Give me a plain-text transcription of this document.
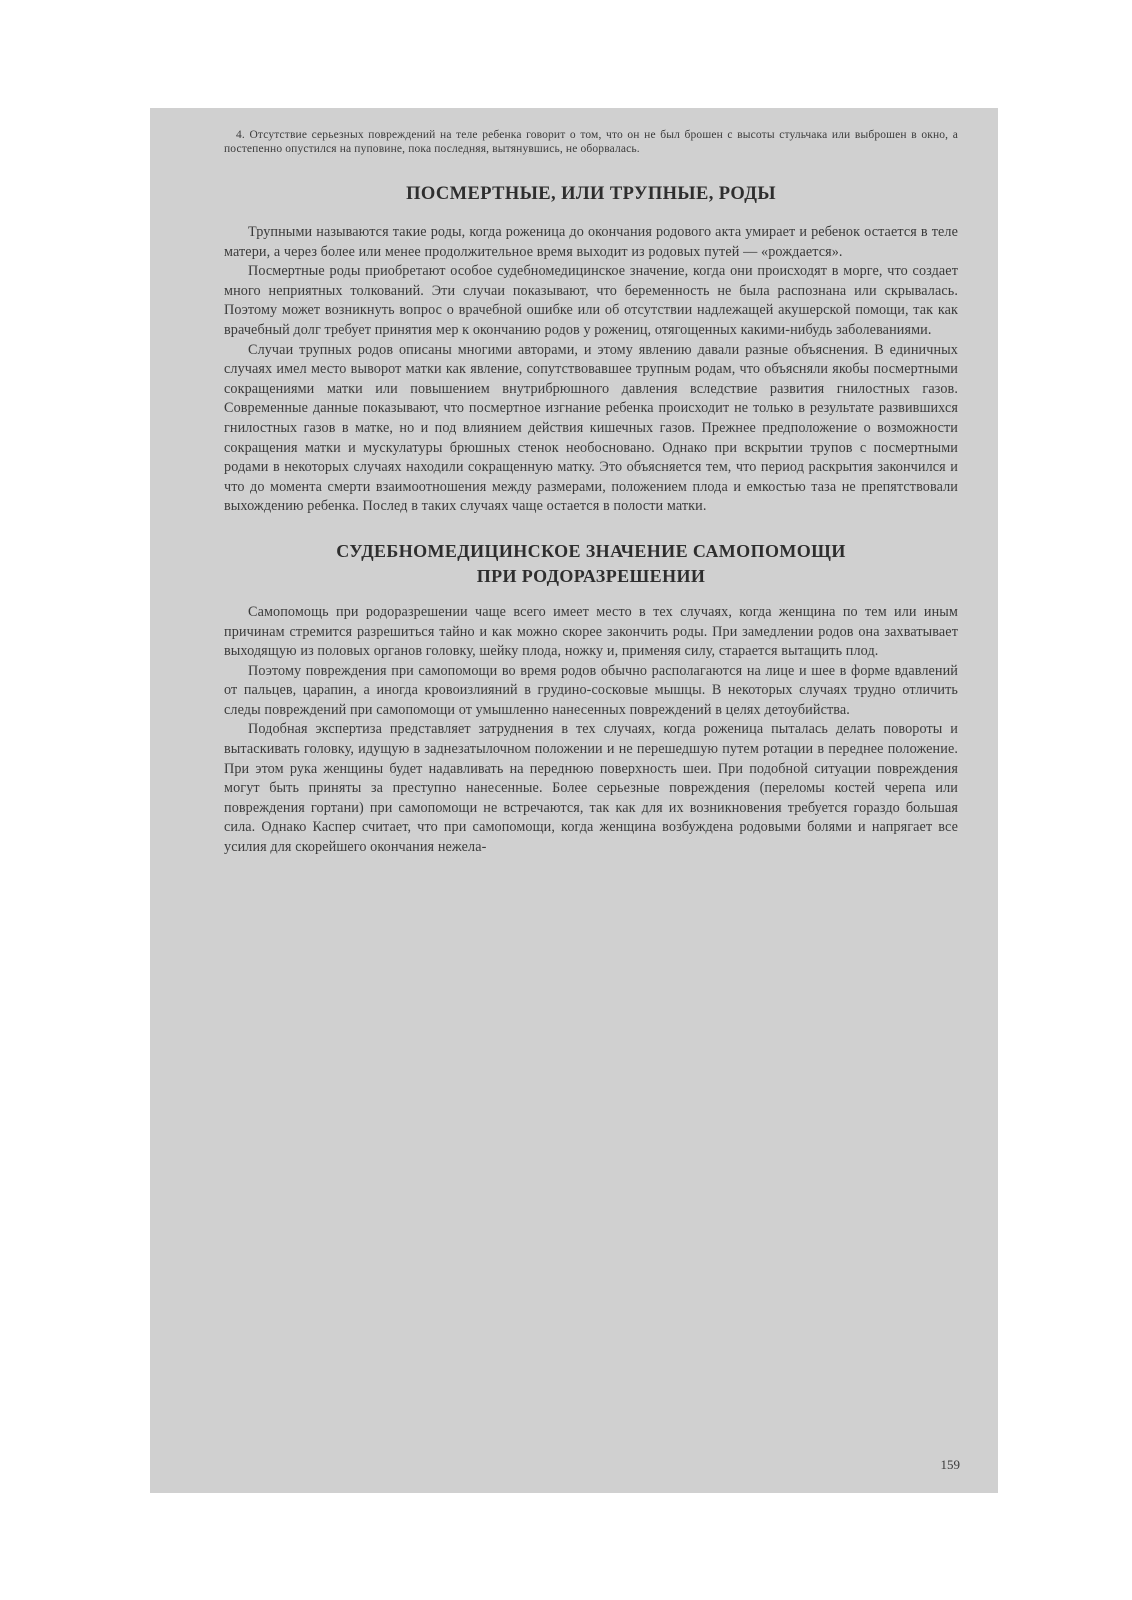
4. Отсутствие серьезных повреждений на теле ребенка говорит о том, что он не был брошен с высоты стульчака или выброшен в окно, а постепенно опустился на пуповине, пока последняя, вытянувшись, не оборвалась.

ПОСМЕРТНЫЕ, ИЛИ ТРУПНЫЕ, РОДЫ

Трупными называются такие роды, когда роженица до окончания родового акта умирает и ребенок остается в теле матери, а через более или менее продолжительное время выходит из родовых путей — «рождается».

Посмертные роды приобретают особое судебномедицинское значение, когда они происходят в морге, что создает много неприятных толкований. Эти случаи показывают, что беременность не была распознана или скрывалась. Поэтому может возникнуть вопрос о врачебной ошибке или об отсутствии надлежащей акушерской помощи, так как врачебный долг требует принятия мер к окончанию родов у рожениц, отягощенных какими-нибудь заболеваниями.

Случаи трупных родов описаны многими авторами, и этому явлению давали разные объяснения. В единичных случаях имел место выворот матки как явление, сопутствовавшее трупным родам, что объясняли якобы посмертными сокращениями матки или повышением внутрибрюшного давления вследствие развития гнилостных газов. Современные данные показывают, что посмертное изгнание ребенка происходит не только в результате развившихся гнилостных газов в матке, но и под влиянием действия кишечных газов. Прежнее предположение о возможности сокращения матки и мускулатуры брюшных стенок необосновано. Однако при вскрытии трупов с посмертными родами в некоторых случаях находили сокращенную матку. Это объясняется тем, что период раскрытия закончился и что до момента смерти взаимоотношения между размерами, положением плода и емкостью таза не препятствовали выхождению ребенка. Послед в таких случаях чаще остается в полости матки.

СУДЕБНОМЕДИЦИНСКОЕ ЗНАЧЕНИЕ САМОПОМОЩИ
ПРИ РОДОРАЗРЕШЕНИИ

Самопомощь при родоразрешении чаще всего имеет место в тех случаях, когда женщина по тем или иным причинам стремится разрешиться тайно и как можно скорее закончить роды. При замедлении родов она захватывает выходящую из половых органов головку, шейку плода, ножку и, применяя силу, старается вытащить плод.

Поэтому повреждения при самопомощи во время родов обычно располагаются на лице и шее в форме вдавлений от пальцев, царапин, а иногда кровоизлияний в грудино-сосковые мышцы. В некоторых случаях трудно отличить следы повреждений при самопомощи от умышленно нанесенных повреждений в целях детоубийства.

Подобная экспертиза представляет затруднения в тех случаях, когда роженица пыталась делать повороты и вытаскивать головку, идущую в заднезатылочном положении и не перешедшую путем ротации в переднее положение. При этом рука женщины будет надавливать на переднюю поверхность шеи. При подобной ситуации повреждения могут быть приняты за преступно нанесенные. Более серьезные повреждения (переломы костей черепа или повреждения гортани) при самопомощи не встречаются, так как для их возникновения требуется гораздо большая сила. Однако Каспер считает, что при самопомощи, когда женщина возбуждена родовыми болями и напрягает все усилия для скорейшего окончания нежела-

159
